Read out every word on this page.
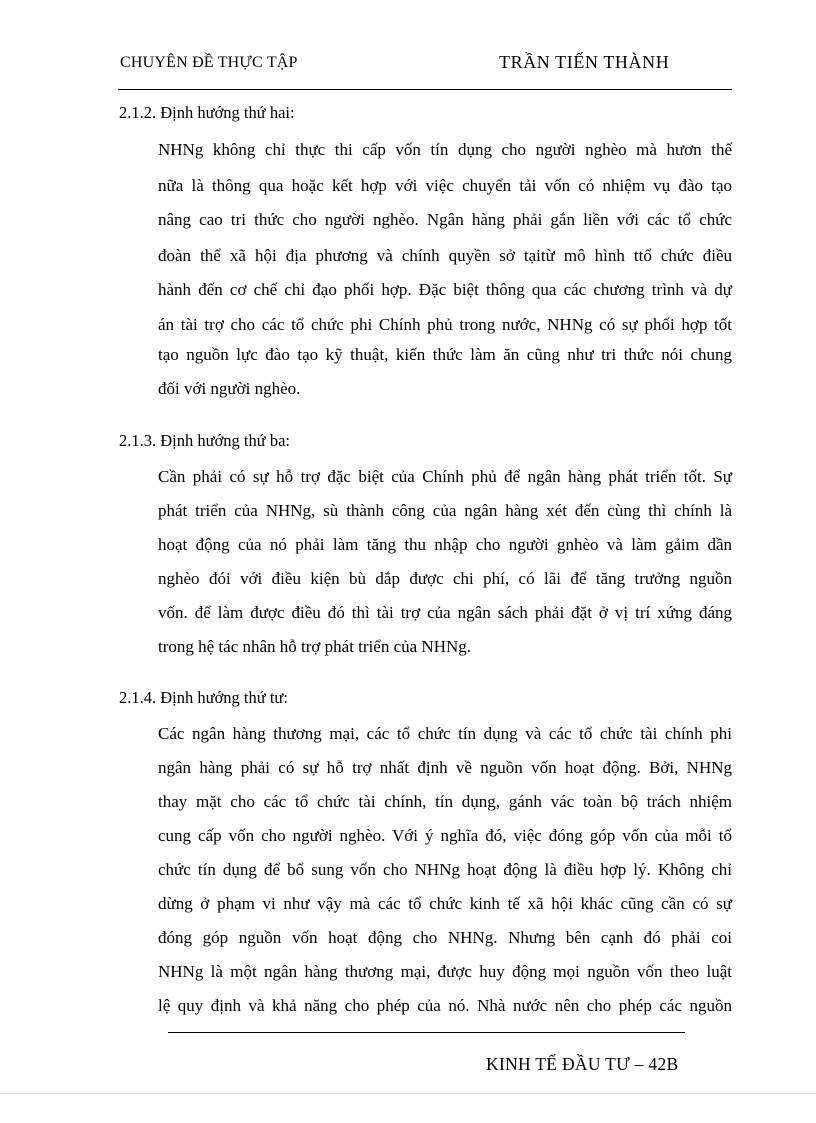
CHUYÊN ĐỀ THỰC TẬP	TRẦN TIẾN THÀNH
2.1.2. Định hướng thứ hai:
NHNg không chỉ thực thi cấp vốn tín dụng cho người nghèo mà hươn thế
nữa là thông qua hoặc kết hợp với việc chuyển tải vốn có nhiệm vụ đào tạo
nâng cao tri thức cho người nghèo. Ngân hàng phải gắn liền với các tổ chức
đoàn thể xã hội địa phương và chính quyền sở tạitừ mô hình ttổ chức điều
hành đến cơ chế chỉ đạo phối hợp. Đặc biệt thông qua các chương trình và dự
án tài trợ cho các tổ chức phi Chính phủ trong nước, NHNg có sự phối hợp tốt
tạo nguồn lực đào tạo kỹ thuật, kiến thức làm ăn cũng như tri thức nói chung
đối với người nghèo.
2.1.3. Định hướng thứ ba:
Cần phải có sự hỗ trợ đặc biệt của Chính phủ để ngân hàng phát triển tốt. Sự
phát triển của NHNg, sù thành công của ngân hàng xét đến cùng thì chính là
hoạt động của nó phải làm tăng thu nhập cho người gnhèo và làm gảim dần
nghèo đói với điều kiện bù dắp được chi phí, có lãi để tăng trưởng nguồn
vốn. để làm được điều đó thì tài trợ của ngân sách phải đặt ở vị trí xứng đáng
trong hệ tác nhân hỗ trợ phát triển của NHNg.
2.1.4. Định hướng thứ tư:
Các ngân hàng thương mại, các tổ chức tín dụng và các tổ chức tài chính phi
ngân hàng phải có sự hỗ trợ nhất định về nguồn vốn hoạt động. Bởi, NHNg
thay mặt cho các tổ chức tài chính, tín dụng, gánh vác toàn bộ trách nhiệm
cung cấp vốn cho người nghèo. Với ý nghĩa đó, việc đóng góp vốn của mỗi tổ
chức tín dụng để bổ sung vốn cho NHNg hoạt động là điều hợp lý. Không chỉ
dừng ở phạm vi như vậy mà các tổ chức kinh tế xã hội khác cũng cần có sự
đóng góp nguồn vốn hoạt động cho NHNg. Nhưng bên cạnh đó phải coi
NHNg là một ngân hàng thương mại, được huy động mọi nguồn vốn theo luật
lệ quy định và khả năng cho phép của nó. Nhà nước nên cho phép các nguồn
KINH TẾ ĐẦU TƯ – 42B
